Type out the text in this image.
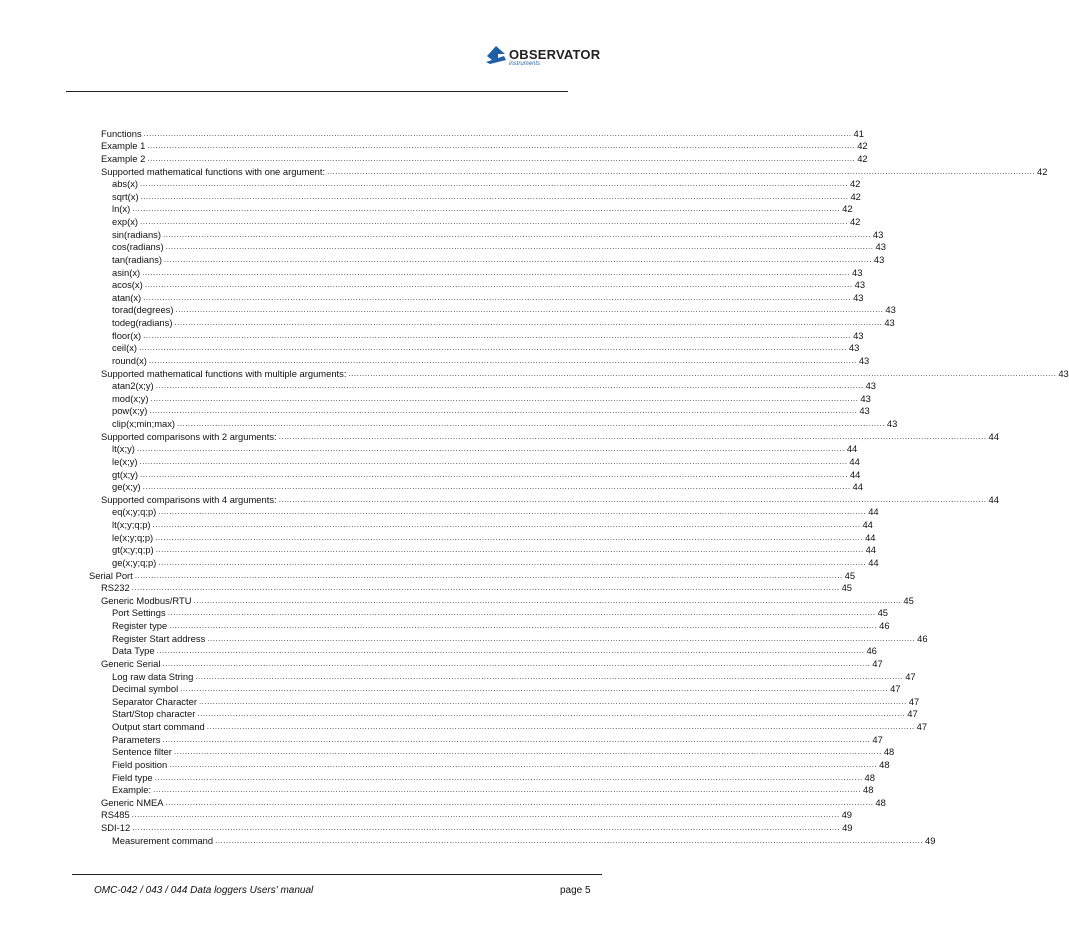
OBSERVATOR
instruments
Functions .................................................................................................................................................................................................................................................................... 41
Example 1 .................................................................................................................................................................................................................................................................... 42
Example 2 .................................................................................................................................................................................................................................................................... 42
Supported mathematical functions with one argument: .................................................................................................................................................................................................................................................................... 42
abs(x) .................................................................................................................................................................................................................................................................... 42
sqrt(x) .................................................................................................................................................................................................................................................................... 42
ln(x) .................................................................................................................................................................................................................................................................... 42
exp(x) .................................................................................................................................................................................................................................................................... 42
sin(radians) .................................................................................................................................................................................................................................................................... 43
cos(radians) .................................................................................................................................................................................................................................................................... 43
tan(radians) .................................................................................................................................................................................................................................................................... 43
asin(x) .................................................................................................................................................................................................................................................................... 43
acos(x) .................................................................................................................................................................................................................................................................... 43
atan(x) .................................................................................................................................................................................................................................................................... 43
torad(degrees) .................................................................................................................................................................................................................................................................... 43
todeg(radians) .................................................................................................................................................................................................................................................................... 43
floor(x) .................................................................................................................................................................................................................................................................... 43
ceil(x) .................................................................................................................................................................................................................................................................... 43
round(x) .................................................................................................................................................................................................................................................................... 43
Supported mathematical functions with multiple arguments: .................................................................................................................................................................................................................................................................... 43
atan2(x;y) .................................................................................................................................................................................................................................................................... 43
mod(x;y) .................................................................................................................................................................................................................................................................... 43
pow(x;y) .................................................................................................................................................................................................................................................................... 43
clip(x;min;max) .................................................................................................................................................................................................................................................................... 43
Supported comparisons with 2 arguments: .................................................................................................................................................................................................................................................................... 44
lt(x;y) .................................................................................................................................................................................................................................................................... 44
le(x;y) .................................................................................................................................................................................................................................................................... 44
gt(x;y) .................................................................................................................................................................................................................................................................... 44
ge(x;y) .................................................................................................................................................................................................................................................................... 44
Supported comparisons with 4 arguments: .................................................................................................................................................................................................................................................................... 44
eq(x;y;q;p) .................................................................................................................................................................................................................................................................... 44
lt(x;y;q;p) .................................................................................................................................................................................................................................................................... 44
le(x;y;q;p) .................................................................................................................................................................................................................................................................... 44
gt(x;y;q;p) .................................................................................................................................................................................................................................................................... 44
ge(x;y;q;p) .................................................................................................................................................................................................................................................................... 44
Serial Port .................................................................................................................................................................................................................................................................... 45
RS232 .................................................................................................................................................................................................................................................................... 45
Generic Modbus/RTU .................................................................................................................................................................................................................................................................... 45
Port Settings .................................................................................................................................................................................................................................................................... 45
Register type .................................................................................................................................................................................................................................................................... 46
Register Start address .................................................................................................................................................................................................................................................................... 46
Data Type .................................................................................................................................................................................................................................................................... 46
Generic Serial .................................................................................................................................................................................................................................................................... 47
Log raw data String .................................................................................................................................................................................................................................................................... 47
Decimal symbol .................................................................................................................................................................................................................................................................... 47
Separator Character .................................................................................................................................................................................................................................................................... 47
Start/Stop character .................................................................................................................................................................................................................................................................... 47
Output start command .................................................................................................................................................................................................................................................................... 47
Parameters .................................................................................................................................................................................................................................................................... 47
Sentence filter .................................................................................................................................................................................................................................................................... 48
Field position .................................................................................................................................................................................................................................................................... 48
Field type .................................................................................................................................................................................................................................................................... 48
Example: .................................................................................................................................................................................................................................................................... 48
Generic NMEA .................................................................................................................................................................................................................................................................... 48
RS485 .................................................................................................................................................................................................................................................................... 49
SDI-12 .................................................................................................................................................................................................................................................................... 49
Measurement command .................................................................................................................................................................................................................................................................... 49
OMC-042 / 043 / 044 Data loggers Users' manual	page 5
